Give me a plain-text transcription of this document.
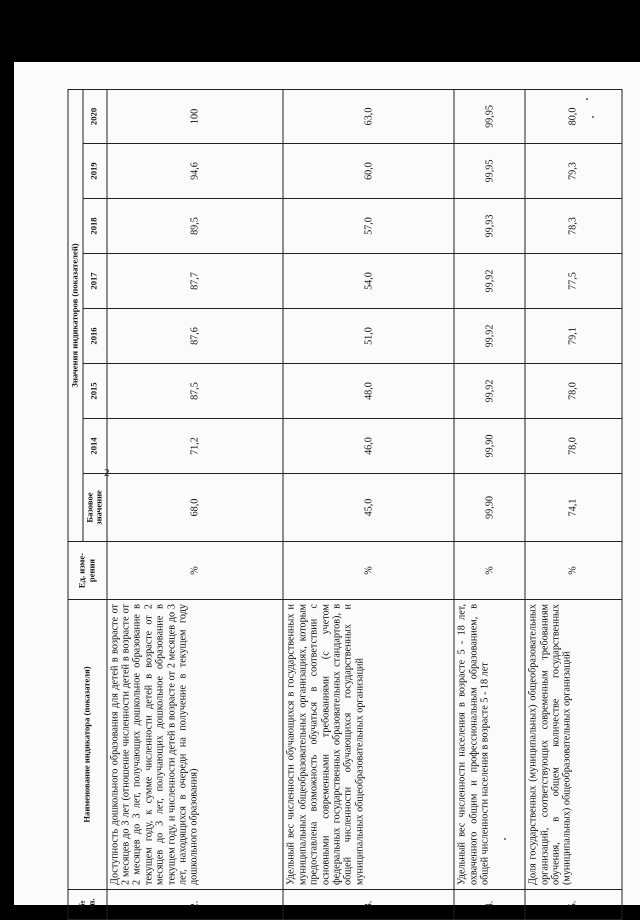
2
№ пп.	Наименование индикатора (показателя)	Ед. изме-рения	Значения индикаторов (показателей)							
			Базовое значение	2014	2015	2016	2017	2018	2019	2020
2.	Доступность дошкольного образования для детей в возрасте от 2 месяцев до 3 лет (отношение численности детей в возрасте от 2 месяцев до 3 лет, получающих дошкольное образование в текущем году, к сумме численности детей в возрасте от 2 месяцев до 3 лет, получающих дошкольное образование в текущем году, и численности детей в возрасте от 2 месяцев до 3 лет, находящихся в очереди на получение в текущем году дошкольного образования)	%	68,0	71,2	87,5	87,6	87,7	89,5	94,6	100
3.	Удельный вес численности обучающихся в государственных и муниципальных общеобразовательных организациях, которым предоставлена возможность обучаться в соответствии с основными современными требованиями (с учетом федеральных государственных образовательных стандартов), в общей численности обучающихся государственных и муниципальных общеобразовательных организаций	%	45,0	46,0	48,0	51,0	54,0	57,0	60,0	63,0
4.	Удельный вес численности населения в возрасте 5 - 18 лет, охваченного общим и профессиональным образованием, в общей численности населения в возрасте 5 - 18 лет	%	99,90	99,90	99,92	99,92	99,92	99,93	99,95	99,95
5.	Доля государственных (муниципальных) общеобразовательных организаций, соответствующих современным требованиям обучения, в общем количестве государственных (муниципальных) общеобразовательных организаций	%	74,1	78,0	78,0	79,1	77,5	78,3	79,3	80,0
